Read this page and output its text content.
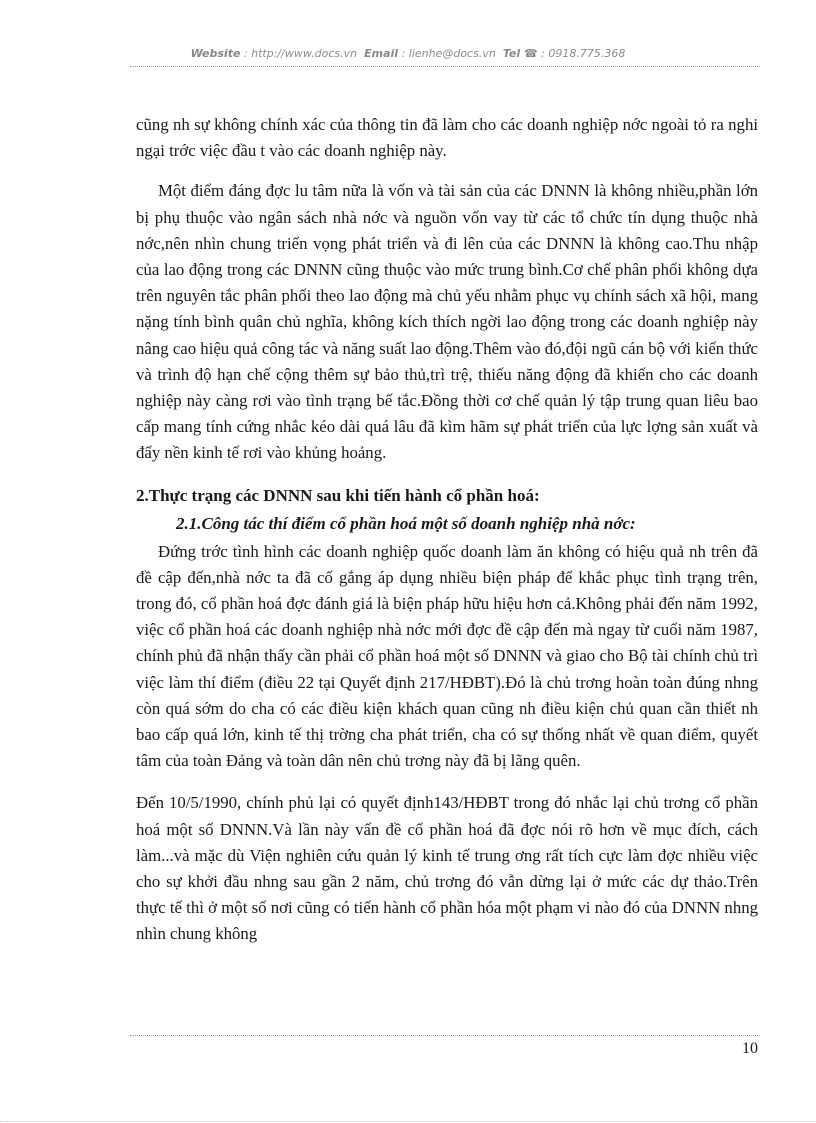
Website : http://www.docs.vn Email : lienhe@docs.vn Tel ☎ : 0918.775.368

cũng nh sự không chính xác của thông tin đã làm cho các doanh nghiệp nớc ngoài tỏ ra nghi ngại trớc việc đầu t vào các doanh nghiệp này.

Một điểm đáng đợc lu tâm nữa là vốn và tài sản của các DNNN là không nhiều,phần lớn bị phụ thuộc vào ngân sách nhà nớc và nguồn vốn vay từ các tổ chức tín dụng thuộc nhà nớc,nên nhìn chung triển vọng phát triển và đi lên của các DNNN là không cao.Thu nhập của lao động trong các DNNN cũng thuộc vào mức trung bình.Cơ chế phân phối không dựa trên nguyên tắc phân phối theo lao động mà chủ yếu nhằm phục vụ chính sách xã hội, mang nặng tính bình quân chủ nghĩa, không kích thích ngời lao động trong các doanh nghiệp này nâng cao hiệu quả công tác và năng suất lao động.Thêm vào đó,đội ngũ cán bộ với kiến thức và trình độ hạn chế cộng thêm sự bảo thủ,trì trệ, thiếu năng động đã khiến cho các doanh nghiệp này càng rơi vào tình trạng bế tắc.Đồng thời cơ chế quản lý tập trung quan liêu bao cấp mang tính cứng nhắc kéo dài quá lâu đã kìm hãm sự phát triển của lực lợng sản xuất và đẩy nền kinh tế rơi vào khủng hoảng.

2.Thực trạng các DNNN sau khi tiến hành cổ phần hoá:
2.1.Công tác thí điểm cổ phần hoá một số doanh nghiệp nhà nớc:

Đứng trớc tình hình các doanh nghiệp quốc doanh làm ăn không có hiệu quả nh trên đã đề cập đến,nhà nớc ta đã cố gắng áp dụng nhiều biện pháp để khắc phục tình trạng trên, trong đó, cổ phần hoá đợc đánh giá là biện pháp hữu hiệu hơn cả.Không phải đến năm 1992, việc cổ phần hoá các doanh nghiệp nhà nớc mới đợc đề cập đến mà ngay từ cuối năm 1987, chính phủ đã nhận thấy cần phải cổ phần hoá một số DNNN và giao cho Bộ tài chính chủ trì việc làm thí điểm (điều 22 tại Quyết định 217/HĐBT).Đó là chủ trơng hoàn toàn đúng nhng còn quá sớm do cha có các điều kiện khách quan cũng nh điều kiện chủ quan cần thiết nh bao cấp quá lớn, kinh tế thị trờng cha phát triển, cha có sự thống nhất về quan điểm, quyết tâm của toàn Đảng và toàn dân nên chủ trơng này đã bị lãng quên.

Đến 10/5/1990, chính phủ lại có quyết định143/HĐBT trong đó nhắc lại chủ trơng cổ phần hoá một số DNNN.Và lần này vấn đề cổ phần hoá đã đợc nói rõ hơn về mục đích, cách làm...và mặc dù Viện nghiên cứu quản lý kinh tế trung ơng rất tích cực làm đợc nhiều việc cho sự khởi đầu nhng sau gần 2 năm, chủ trơng đó vẫn dừng lại ở mức các dự thảo.Trên thực tế thì ở một số nơi cũng có tiến hành cổ phần hóa một phạm vi nào đó của DNNN nhng nhìn chung không

10
